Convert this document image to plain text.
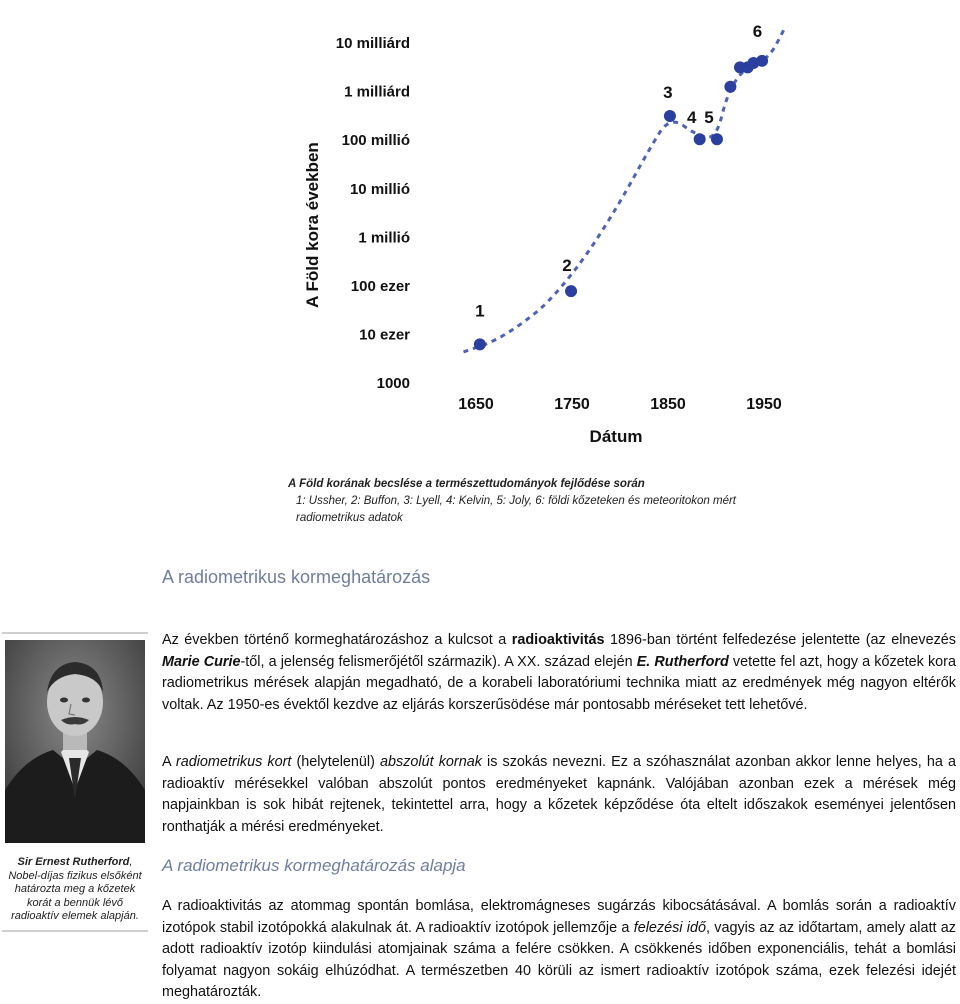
A Föld kora években
Dátum
10 milliárd
1 milliárd
100 millió
10 millió
1 millió
100 ezer
10 ezer
1000
1650	1750	1850	1950
1
2
3
4 5
6
A Föld korának becslése a természettudományok fejlődése során
1: Ussher, 2: Buffon, 3: Lyell, 4: Kelvin, 5: Joly, 6: földi kőzeteken és meteoritokon mért
radiometrikus adatok
A radiometrikus kormeghatározás
Sir Ernest Rutherford, Nobel-díjas fizikus elsőként határozta meg a kőzetek korát a bennük lévő radioaktív elemek alapján.
Az években történő kormeghatározáshoz a kulcsot a radioaktivitás 1896-ban történt felfedezése jelentette (az elnevezés Marie Curie-től, a jelenség felismerőjétől származik). A XX. század elején E. Rutherford vetette fel azt, hogy a kőzetek kora radiometrikus mérések alapján megadható, de a korabeli laboratóriumi technika miatt az eredmények még nagyon eltérők voltak. Az 1950-es évektől kezdve az eljárás korszerűsödése már pontosabb méréseket tett lehetővé.
A radiometrikus kort (helytelenül) abszolút kornak is szokás nevezni. Ez a szóhasználat azonban akkor lenne helyes, ha a radioaktív mérésekkel valóban abszolút pontos eredményeket kapnánk. Valójában azonban ezek a mérések még napjainkban is sok hibát rejtenek, tekintettel arra, hogy a kőzetek képződése óta eltelt időszakok eseményei jelentősen ronthatják a mérési eredményeket.
A radiometrikus kormeghatározás alapja
A radioaktivitás az atommag spontán bomlása, elektromágneses sugárzás kibocsátásával. A bomlás során a radioaktív izotópok stabil izotópokká alakulnak át. A radioaktív izotópok jellemzője a felezési idő, vagyis az az időtartam, amely alatt az adott radioaktív izotóp kiindulási atomjainak száma a felére csökken. A csökkenés időben exponenciális, tehát a bomlási folyamat nagyon sokáig elhúzódhat. A természetben 40 körüli az ismert radioaktív izotópok száma, ezek felezési idejét meghatározták.
